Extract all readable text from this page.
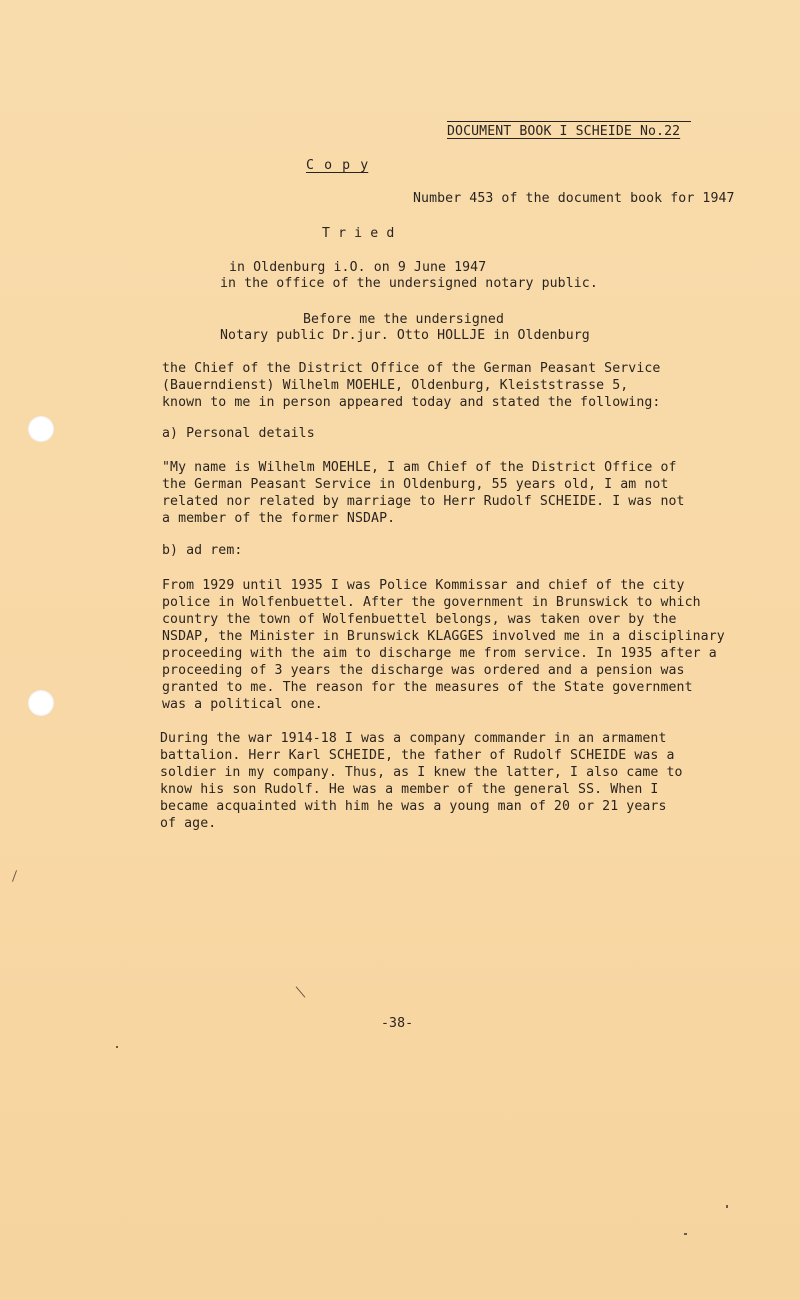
DOCUMENT BOOK I SCHEIDE No.22
C o p y
Number 453 of the document book for 1947
T r i e d
in Oldenburg i.O. on 9 June 1947
in the office of the undersigned notary public.
Before me the undersigned
Notary public Dr.jur. Otto HOLLJE in Oldenburg
the Chief of the District Office of the German Peasant Service
(Bauerndienst) Wilhelm MOEHLE, Oldenburg, Kleiststrasse 5,
known to me in person appeared today and stated the following:
a) Personal details
"My name is Wilhelm MOEHLE, I am Chief of the District Office of
the German Peasant Service in Oldenburg, 55 years old, I am not
related nor related by marriage to Herr Rudolf SCHEIDE. I was not
a member of the former NSDAP.
b) ad rem:
From 1929 until 1935 I was Police Kommissar and chief of the city
police in Wolfenbuettel. After the government in Brunswick to which
country the town of Wolfenbuettel belongs, was taken over by the
NSDAP, the Minister in Brunswick KLAGGES involved me in a disciplinary
proceeding with the aim to discharge me from service. In 1935 after a
proceeding of 3 years the discharge was ordered and a pension was
granted to me. The reason for the measures of the State government
was a political one.
During the war 1914-18 I was a company commander in an armament
battalion. Herr Karl SCHEIDE, the father of Rudolf SCHEIDE was a
soldier in my company. Thus, as I knew the latter, I also came to
know his son Rudolf. He was a member of the general SS. When I
became acquainted with him he was a young man of 20 or 21 years
of age.
-38-
